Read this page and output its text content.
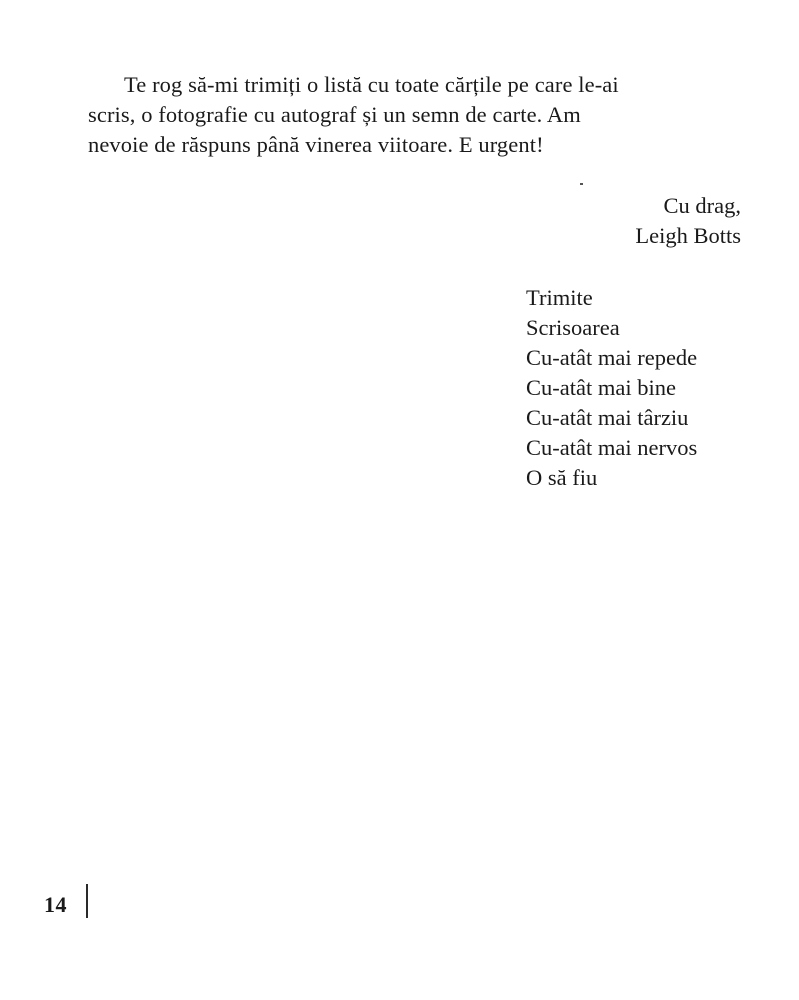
Te rog să-mi trimiți o listă cu toate cărțile pe care le-ai
scris, o fotografie cu autograf și un semn de carte. Am
nevoie de răspuns până vinerea viitoare. E urgent!
Cu drag,
Leigh Botts
Trimite
Scrisoarea
Cu-atât mai repede
Cu-atât mai bine
Cu-atât mai târziu
Cu-atât mai nervos
O să fiu
14
